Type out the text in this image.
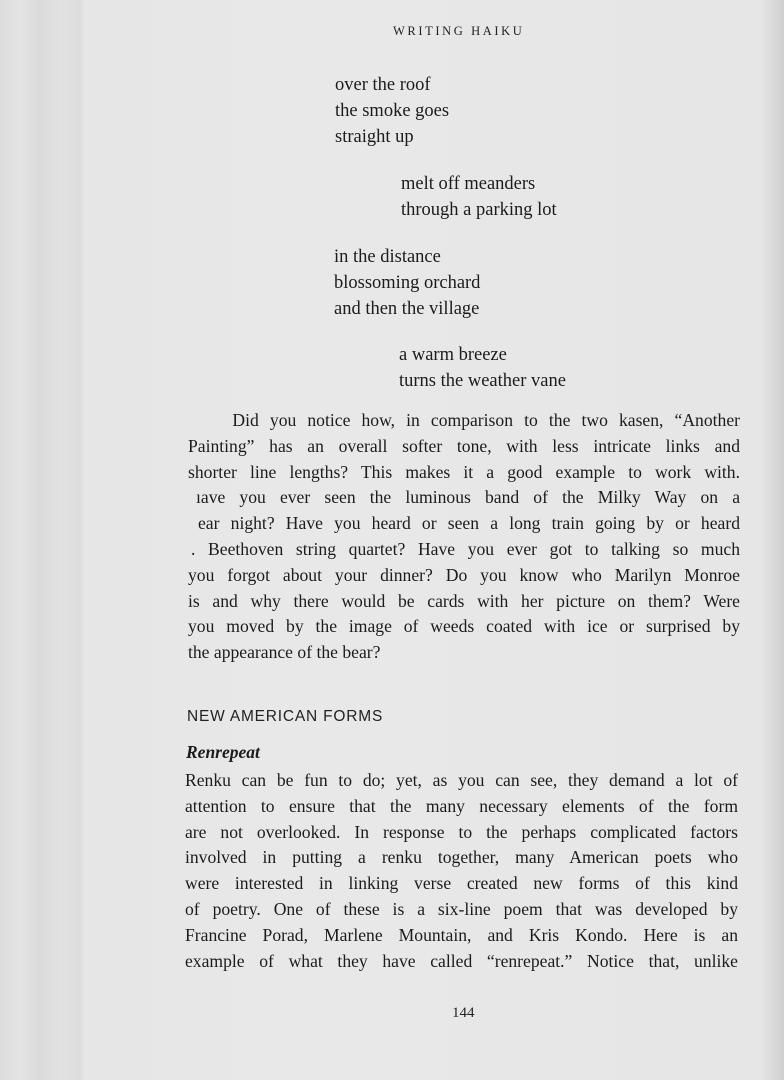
WRITING HAIKU
over the roof
the smoke goes
straight up
melt off meanders
through a parking lot
in the distance
blossoming orchard
and then the village
a warm breeze
turns the weather vane
Did you notice how, in comparison to the two kasen, “Another
Painting” has an overall softer tone, with less intricate links and
shorter line lengths? This makes it a good example to work with.
ıave you ever seen the luminous band of the Milky Way on a
ear night? Have you heard or seen a long train going by or heard
. Beethoven string quartet? Have you ever got to talking so much
you forgot about your dinner? Do you know who Marilyn Monroe
is and why there would be cards with her picture on them? Were
you moved by the image of weeds coated with ice or surprised by
the appearance of the bear?
NEW AMERICAN FORMS
Renrepeat
Renku can be fun to do; yet, as you can see, they demand a lot of
attention to ensure that the many necessary elements of the form
are not overlooked. In response to the perhaps complicated factors
involved in putting a renku together, many American poets who
were interested in linking verse created new forms of this kind
of poetry. One of these is a six-line poem that was developed by
Francine Porad, Marlene Mountain, and Kris Kondo. Here is an
example of what they have called “renrepeat.” Notice that, unlike
144
